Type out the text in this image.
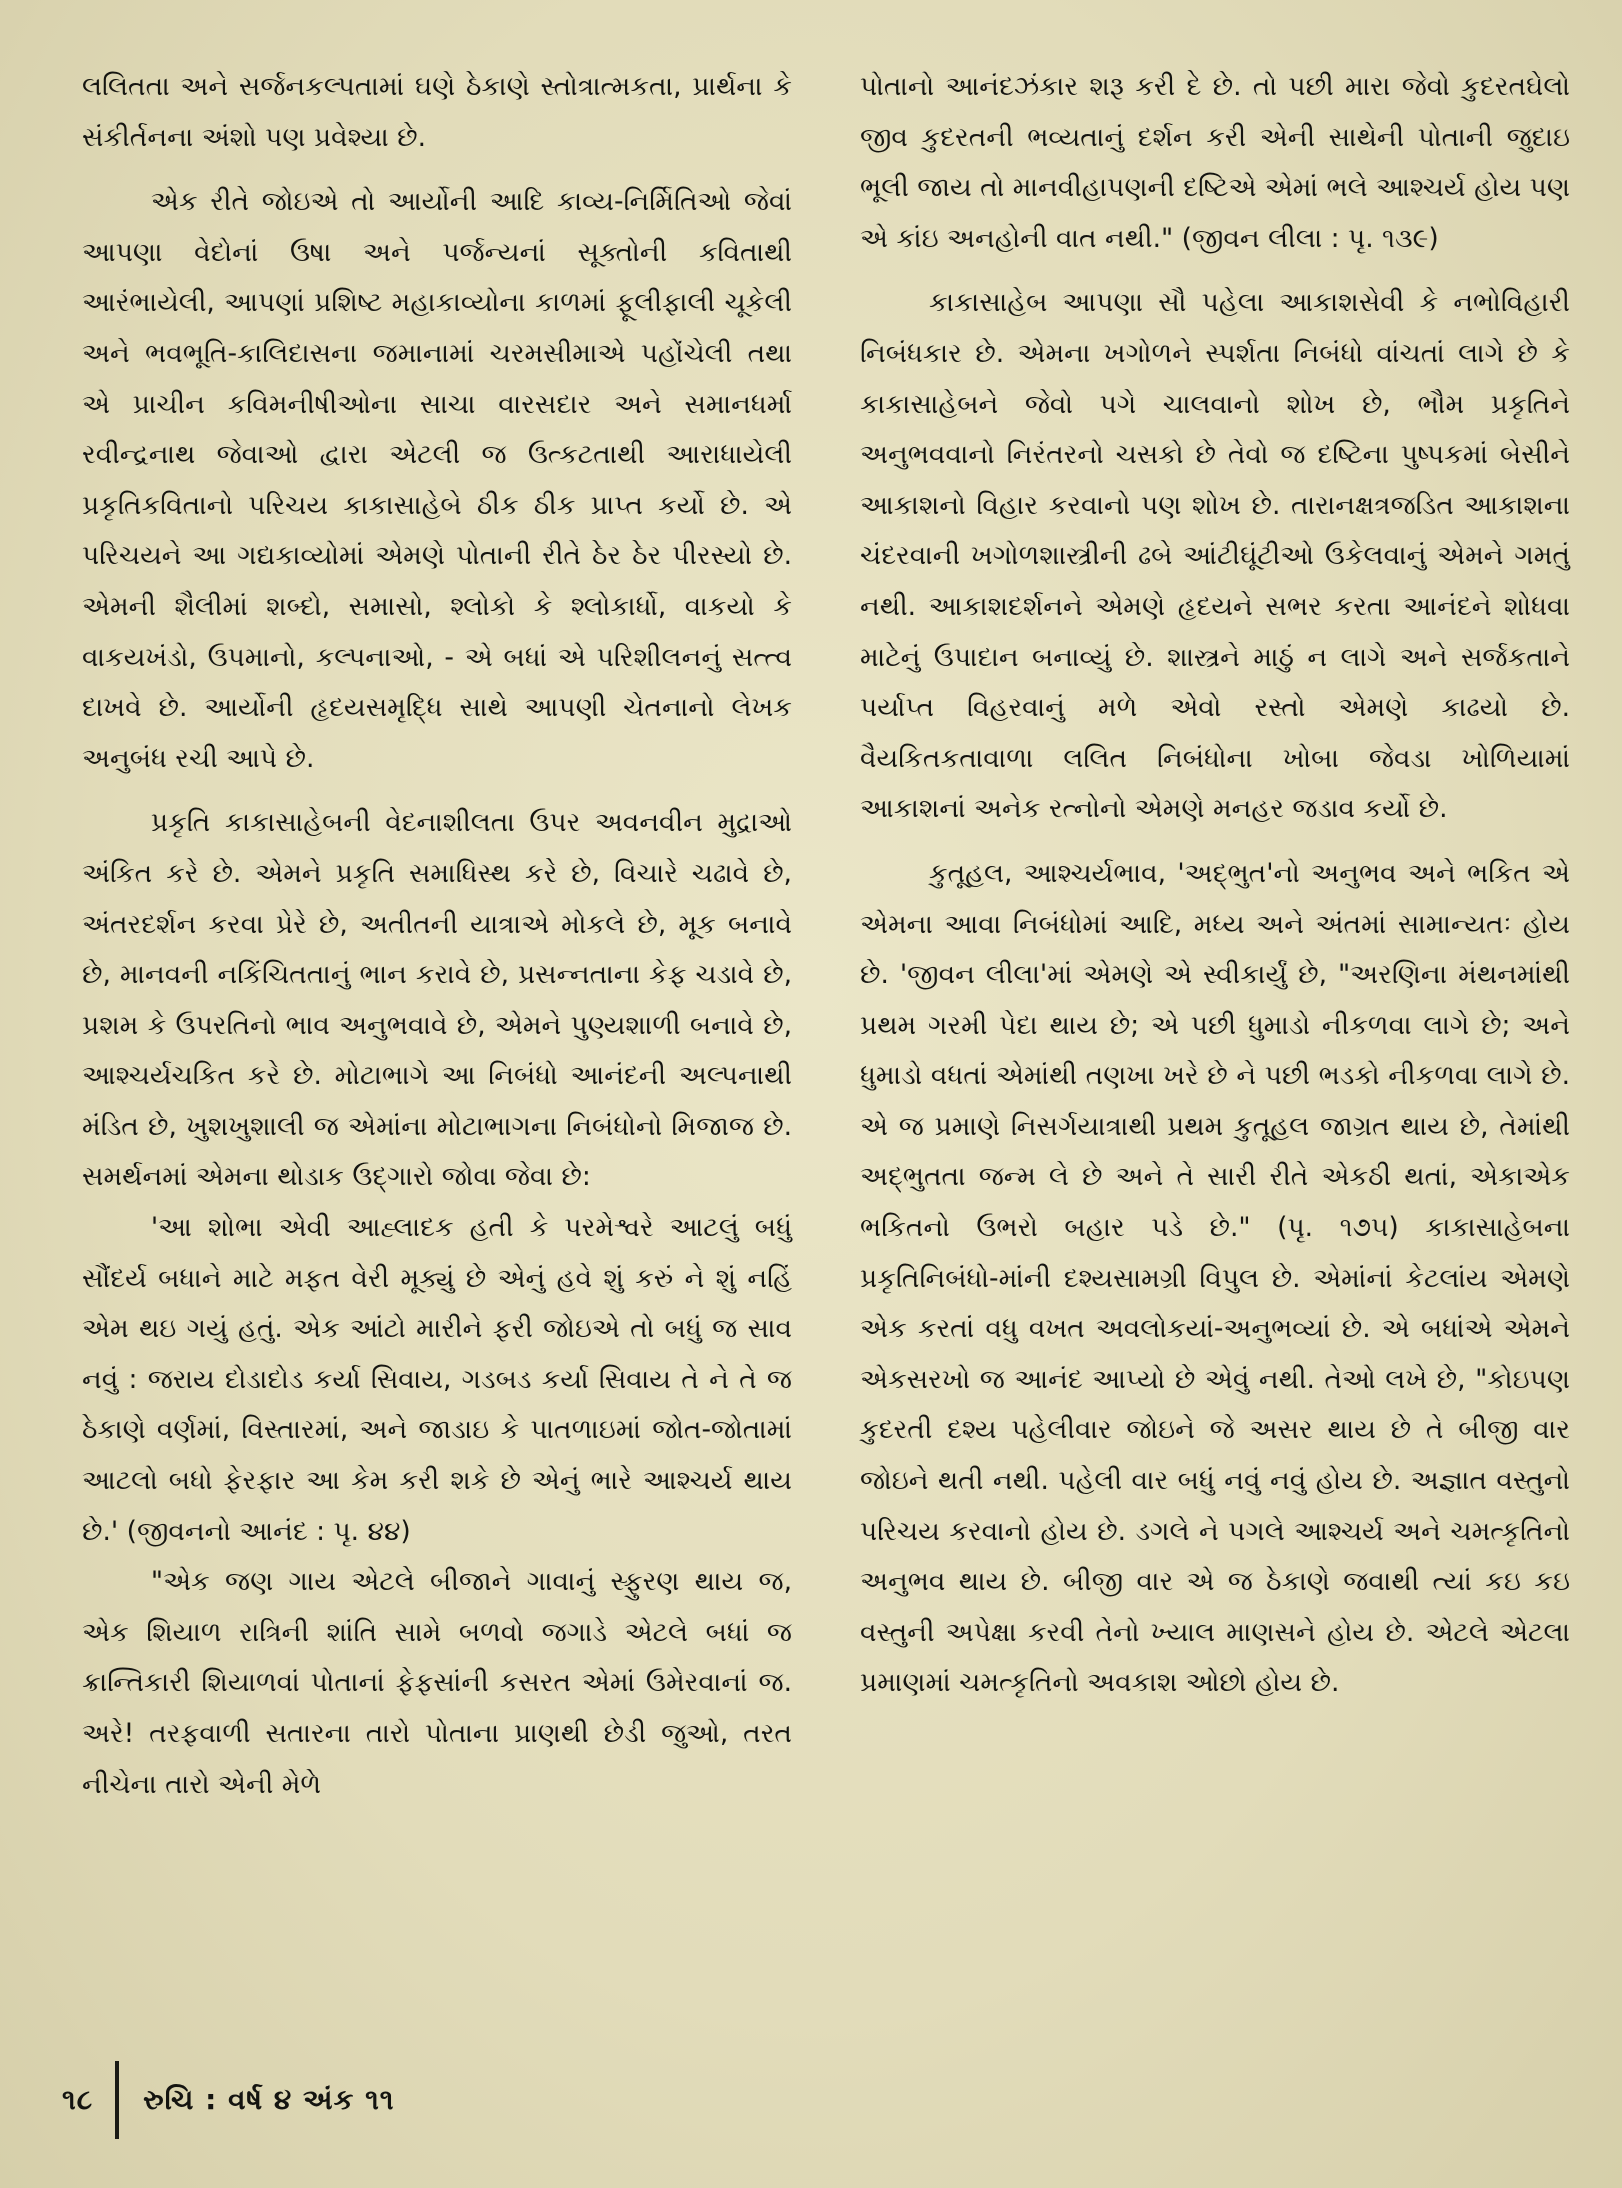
લલિતતા અને સર્જનકલ્પતામાં ઘણે ઠેકાણે સ્તોત્રાત્મકતા, પ્રાર્થના કે સંકીર્તનના અંશો પણ પ્રવેશ્યા છે.

એક રીતે જોઇએ તો આર્યોની આદિ કાવ્ય-નિર્મિતિઓ જેવાં આપણા વેદોનાં ઉષા અને પર્જન્યનાં સૂક્તોની કવિતાથી આરંભાયેલી, આપણાં પ્રશિષ્ટ મહાકાવ્યોના કાળમાં ફૂલીફાલી ચૂકેલી અને ભવભૂતિ-કાલિદાસના જમાનામાં ચરમસીમાએ પહોંચેલી તથા એ પ્રાચીન કવિમનીષીઓના સાચા વારસદાર અને સમાનધર્મા રવીન્દ્રનાથ જેવાઓ દ્વારા એટલી જ ઉત્કટતાથી આરાધાયેલી પ્રકૃતિકવિતાનો પરિચય કાકાસાહેબે ઠીક ઠીક પ્રાપ્ત કર્યો છે. એ પરિચયને આ ગદ્યકાવ્યોમાં એમણે પોતાની રીતે ઠેર ઠેર પીરસ્યો છે. એમની શૈલીમાં શબ્દો, સમાસો, શ્લોકો કે શ્લોકાર્ધો, વાકયો કે વાકયખંડો, ઉપમાનો, કલ્પનાઓ, - એ બધાં એ પરિશીલનનું સત્ત્વ દાખવે છે. આર્યોની હૃદયસમૃદ્ધિ સાથે આપણી ચેતનાનો લેખક અનુબંધ રચી આપે છે.

પ્રકૃતિ કાકાસાહેબની વેદનાશીલતા ઉપર અવનવીન મુદ્રાઓ અંકિત કરે છે. એમને પ્રકૃતિ સમાધિસ્થ કરે છે, વિચારે ચઢાવે છે, અંતરદર્શન કરવા પ્રેરે છે, અતીતની યાત્રાએ મોકલે છે, મૂક બનાવે છે, માનવની નકિંચિતતાનું ભાન કરાવે છે, પ્રસન્નતાના કેફ ચડાવે છે, પ્રશમ કે ઉપરતિનો ભાવ અનુભવાવે છે, એમને પુણ્યશાળી બનાવે છે, આશ્ચર્યચકિત કરે છે. મોટાભાગે આ નિબંધો આનંદની અલ્પનાથી મંડિત છે, ખુશખુશાલી જ એમાંના મોટાભાગના નિબંધોનો મિજાજ છે. સમર્થનમાં એમના થોડાક ઉદ્ગારો જોવા જેવા છે:

'આ શોભા એવી આહ્લાદક હતી કે પરમેશ્વરે આટલું બધું સૌંદર્ય બધાને માટે મફત વેરી મૂક્યું છે એનું હવે શું કરું ને શું નહિં એમ થઇ ગયું હતું. એક આંટો મારીને ફરી જોઇએ તો બધું જ સાવ નવું : જરાય દોડાદોડ કર્યા સિવાય, ગડબડ કર્યા સિવાય તે ને તે જ ઠેકાણે વર્ણમાં, વિસ્તારમાં, અને જાડાઇ કે પાતળાઇમાં જોત-જોતામાં આટલો બધો ફેરફાર આ કેમ કરી શકે છે એનું ભારે આશ્ચર્ય થાય છે.' (જીવનનો આનંદ : પૃ. ૪૪)

"એક જણ ગાય એટલે બીજાને ગાવાનું સ્ફુરણ થાય જ, એક શિયાળ રાત્રિની શાંતિ સામે બળવો જગાડે એટલે બધાં જ ક્રાન્તિકારી શિયાળવાં પોતાનાં ફેફસાંની કસરત એમાં ઉમેરવાનાં જ. અરે! તરફવાળી સતારના તારો પોતાના પ્રાણથી છેડી જુઓ, તરત નીચેના તારો એની મેળે

પોતાનો આનંદઝંકાર શરૂ કરી દે છે. તો પછી મારા જેવો કુદરતઘેલો જીવ કુદરતની ભવ્યતાનું દર્શન કરી એની સાથેની પોતાની જુદાઇ ભૂલી જાય તો માનવીહાપણની દષ્ટિએ એમાં ભલે આશ્ચર્ય હોય પણ એ કાંઇ અનહોની વાત નથી." (જીવન લીલા : પૃ. ૧૩૯)

કાકાસાહેબ આપણા સૌ પહેલા આકાશસેવી કે નભોવિહારી નિબંધકાર છે. એમના ખગોળને સ્પર્શતા નિબંધો વાંચતાં લાગે છે કે કાકાસાહેબને જેવો પગે ચાલવાનો શોખ છે, ભૌમ પ્રકૃતિને અનુભવવાનો નિરંતરનો ચસકો છે તેવો જ દષ્ટિના પુષ્પકમાં બેસીને આકાશનો વિહાર કરવાનો પણ શોખ છે. તારાનક્ષત્રજડિત આકાશના ચંદરવાની ખગોળશાસ્ત્રીની ઢબે આંટીઘૂંટીઓ ઉકેલવાનું એમને ગમતું નથી. આકાશદર્શનને એમણે હૃદયને સભર કરતા આનંદને શોધવા માટેનું ઉપાદાન બનાવ્યું છે. શાસ્ત્રને માઠું ન લાગે અને સર્જકતાને પર્યાપ્ત વિહરવાનું મળે એવો રસ્તો એમણે કાઢયો છે. વૈયકિતકતાવાળા લલિત નિબંધોના ખોબા જેવડા ખોળિયામાં આકાશનાં અનેક રત્નોનો એમણે મનહર જડાવ કર્યો છે.

કુતૂહલ, આશ્ચર્યભાવ, 'અદ્ભુત'નો અનુભવ અને ભકિત એ એમના આવા નિબંધોમાં આદિ, મધ્ય અને અંતમાં સામાન્યતઃ હોય છે. 'જીવન લીલા'માં એમણે એ સ્વીકાર્યું છે, "અરણિના મંથનમાંથી પ્રથમ ગરમી પેદા થાય છે; એ પછી ધુમાડો નીકળવા લાગે છે; અને ધુમાડો વધતાં એમાંથી તણખા ખરે છે ને પછી ભડકો નીકળવા લાગે છે. એ જ પ્રમાણે નિસર્ગયાત્રાથી પ્રથમ કુતૂહલ જાગ્રત થાય છે, તેમાંથી અદ્ભુતતા જન્મ લે છે અને તે સારી રીતે એકઠી થતાં, એકાએક ભકિતનો ઉભરો બહાર પડે છે." (પૃ. ૧૭૫) કાકાસાહેબના પ્રકૃતિનિબંધો-માંની દશ્યસામગ્રી વિપુલ છે. એમાંનાં કેટલાંય એમણે એક કરતાં વધુ વખત અવલોકયાં-અનુભવ્યાં છે. એ બધાંએ એમને એકસરખો જ આનંદ આપ્યો છે એવું નથી. તેઓ લખે છે, "કોઇપણ કુદરતી દશ્ય પહેલીવાર જોઇને જે અસર થાય છે તે બીજી વાર જોઇને થતી નથી. પહેલી વાર બધું નવું નવું હોય છે. અજ્ઞાત વસ્તુનો પરિચય કરવાનો હોય છે. ડગલે ને પગલે આશ્ચર્ય અને ચમત્કૃતિનો અનુભવ થાય છે. બીજી વાર એ જ ઠેકાણે જવાથી ત્યાં કઇ કઇ વસ્તુની અપેક્ષા કરવી તેનો ખ્યાલ માણસને હોય છે. એટલે એટલા પ્રમાણમાં ચમત્કૃતિનો અવકાશ ઓછો હોય છે.

૧૮ રુચિ : વર્ષ ૪ અંક ૧૧
